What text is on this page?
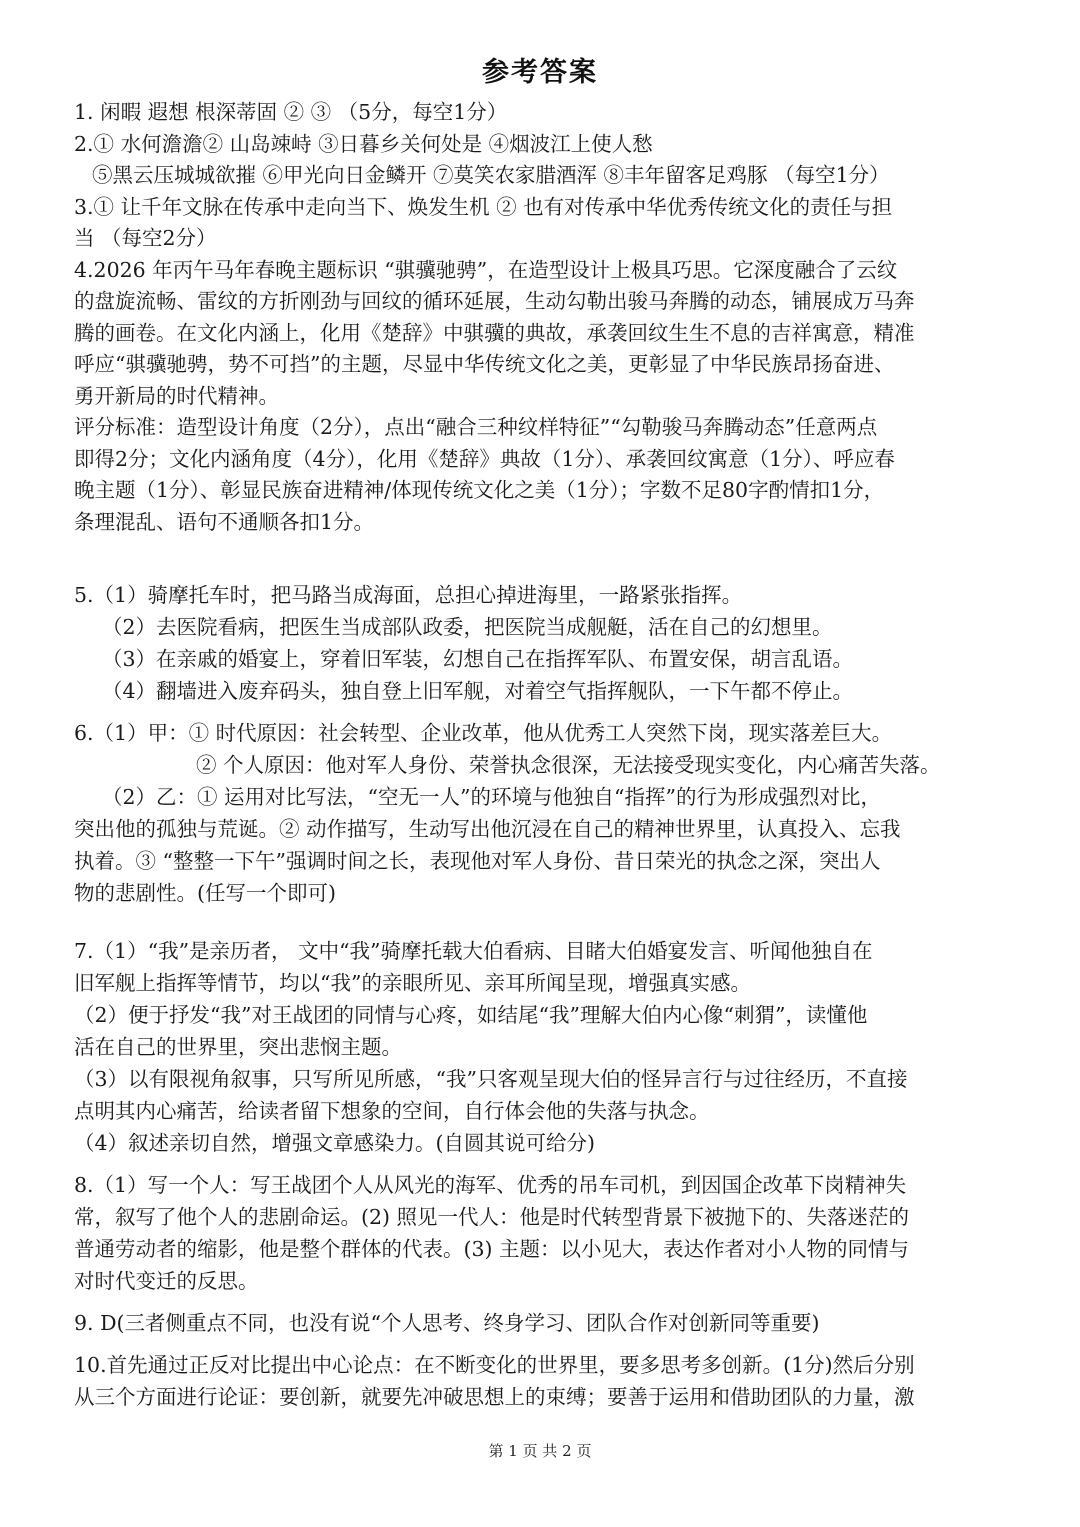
参考答案
1. 闲暇 遐想 根深蒂固 ② ③ （5分，每空1分）
2.① 水何澹澹② 山岛竦峙 ③日暮乡关何处是 ④烟波江上使人愁
⑤黑云压城城欲摧 ⑥甲光向日金鳞开 ⑦莫笑农家腊酒浑 ⑧丰年留客足鸡豚 （每空1分）
3.① 让千年文脉在传承中走向当下、焕发生机 ② 也有对传承中华优秀传统文化的责任与担
当 （每空2分）
4.2026 年丙午马年春晚主题标识 “骐骥驰骋”，在造型设计上极具巧思。它深度融合了云纹
的盘旋流畅、雷纹的方折刚劲与回纹的循环延展，生动勾勒出骏马奔腾的动态，铺展成万马奔
腾的画卷。在文化内涵上，化用《楚辞》中骐骥的典故，承袭回纹生生不息的吉祥寓意，精准
呼应“骐骥驰骋，势不可挡”的主题，尽显中华传统文化之美，更彰显了中华民族昂扬奋进、
勇开新局的时代精神。
评分标准：造型设计角度（2分），点出“融合三种纹样特征”“勾勒骏马奔腾动态”任意两点
即得2分；文化内涵角度（4分），化用《楚辞》典故（1分）、承袭回纹寓意（1分）、呼应春
晚主题（1分）、彰显民族奋进精神/体现传统文化之美（1分）；字数不足80字酌情扣1分，
条理混乱、语句不通顺各扣1分。
5.（1）骑摩托车时，把马路当成海面，总担心掉进海里，一路紧张指挥。
（2）去医院看病，把医生当成部队政委，把医院当成舰艇，活在自己的幻想里。
（3）在亲戚的婚宴上，穿着旧军装，幻想自己在指挥军队、布置安保，胡言乱语。
（4）翻墙进入废弃码头，独自登上旧军舰，对着空气指挥舰队，一下午都不停止。
6.（1）甲：① 时代原因：社会转型、企业改革，他从优秀工人突然下岗，现实落差巨大。
② 个人原因：他对军人身份、荣誉执念很深，无法接受现实变化，内心痛苦失落。
（2）乙：① 运用对比写法，“空无一人”的环境与他独自“指挥”的行为形成强烈对比，
突出他的孤独与荒诞。② 动作描写，生动写出他沉浸在自己的精神世界里，认真投入、忘我
执着。③ “整整一下午”强调时间之长，表现他对军人身份、昔日荣光的执念之深，突出人
物的悲剧性。(任写一个即可)
7.（1）“我”是亲历者， 文中“我”骑摩托载大伯看病、目睹大伯婚宴发言、听闻他独自在
旧军舰上指挥等情节，均以“我”的亲眼所见、亲耳所闻呈现，增强真实感。
（2）便于抒发“我”对王战团的同情与心疼，如结尾“我”理解大伯内心像“刺猬”，读懂他
活在自己的世界里，突出悲悯主题。
（3）以有限视角叙事，只写所见所感，“我”只客观呈现大伯的怪异言行与过往经历，不直接
点明其内心痛苦，给读者留下想象的空间，自行体会他的失落与执念。
（4）叙述亲切自然，增强文章感染力。(自圆其说可给分)
8.（1）写一个人：写王战团个人从风光的海军、优秀的吊车司机，到因国企改革下岗精神失
常，叙写了他个人的悲剧命运。(2) 照见一代人：他是时代转型背景下被抛下的、失落迷茫的
普通劳动者的缩影，他是整个群体的代表。(3) 主题：以小见大，表达作者对小人物的同情与
对时代变迁的反思。
9. D(三者侧重点不同，也没有说“个人思考、终身学习、团队合作对创新同等重要)
10.首先通过正反对比提出中心论点：在不断变化的世界里，要多思考多创新。(1分)然后分别
从三个方面进行论证：要创新，就要先冲破思想上的束缚；要善于运用和借助团队的力量，激
第 1 页 共 2 页
